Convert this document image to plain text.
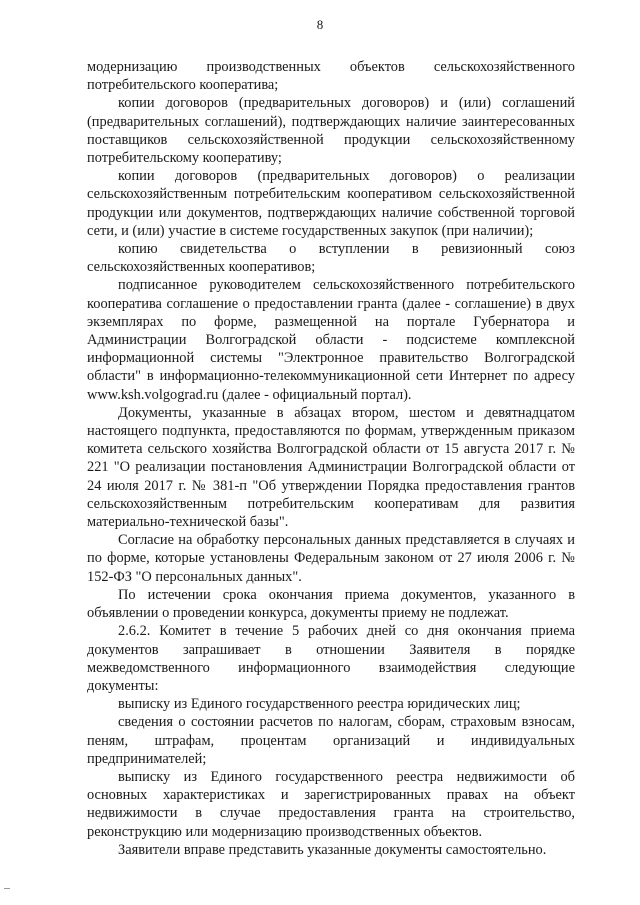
8

модернизацию производственных объектов сельскохозяйственного потребительского кооператива;

копии договоров (предварительных договоров) и (или) соглашений (предварительных соглашений), подтверждающих наличие заинтересованных поставщиков сельскохозяйственной продукции сельскохозяйственному потребительскому кооперативу;

копии договоров (предварительных договоров) о реализации сельскохозяйственным потребительским кооперативом сельскохозяйственной продукции или документов, подтверждающих наличие собственной торговой сети, и (или) участие в системе государственных закупок (при наличии);

копию свидетельства о вступлении в ревизионный союз сельскохозяйственных кооперативов;

подписанное руководителем сельскохозяйственного потребительского кооператива соглашение о предоставлении гранта (далее - соглашение) в двух экземплярах по форме, размещенной на портале Губернатора и Администрации Волгоградской области - подсистеме комплексной информационной системы "Электронное правительство Волгоградской области" в информационно-телекоммуникационной сети Интернет по адресу www.ksh.volgograd.ru (далее - официальный портал).

Документы, указанные в абзацах втором, шестом и девятнадцатом настоящего подпункта, предоставляются по формам, утвержденным приказом комитета сельского хозяйства Волгоградской области от 15 августа 2017 г. № 221 "О реализации постановления Администрации Волгоградской области от 24 июля 2017 г. № 381-п "Об утверждении Порядка предоставления грантов сельскохозяйственным потребительским кооперативам для развития материально-технической базы".

Согласие на обработку персональных данных представляется в случаях и по форме, которые установлены Федеральным законом от 27 июля 2006 г. № 152-ФЗ "О персональных данных".

По истечении срока окончания приема документов, указанного в объявлении о проведении конкурса, документы приему не подлежат.

2.6.2. Комитет в течение 5 рабочих дней со дня окончания приема документов запрашивает в отношении Заявителя в порядке межведомственного информационного взаимодействия следующие документы:

выписку из Единого государственного реестра юридических лиц;

сведения о состоянии расчетов по налогам, сборам, страховым взносам, пеням, штрафам, процентам организаций и индивидуальных предпринимателей;

выписку из Единого государственного реестра недвижимости об основных характеристиках и зарегистрированных правах на объект недвижимости в случае предоставления гранта на строительство, реконструкцию или модернизацию производственных объектов.

Заявители вправе представить указанные документы самостоятельно.
